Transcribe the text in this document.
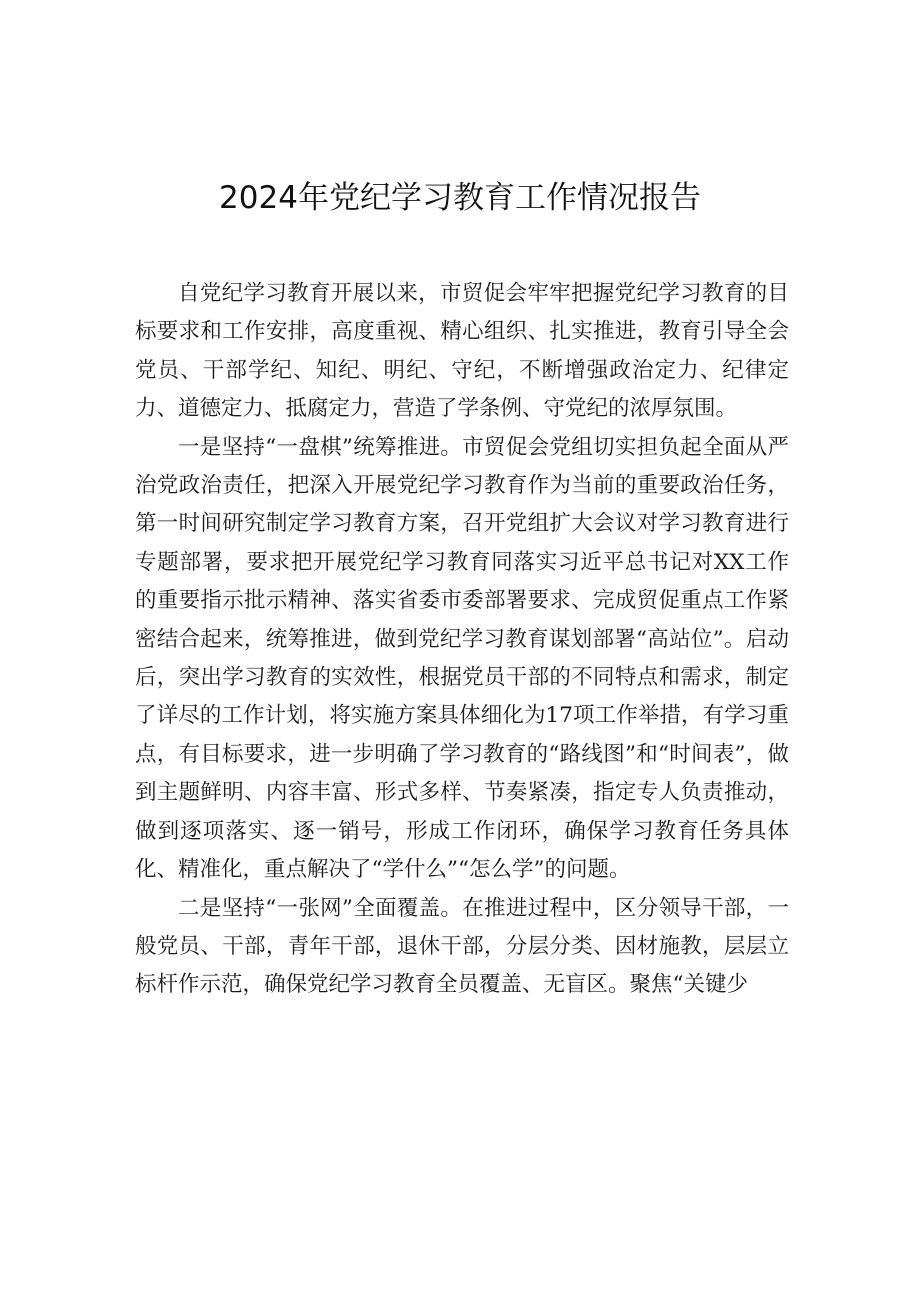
2024年党纪学习教育工作情况报告

自党纪学习教育开展以来，市贸促会牢牢把握党纪学习教育的目标要求和工作安排，高度重视、精心组织、扎实推进，教育引导全会党员、干部学纪、知纪、明纪、守纪，不断增强政治定力、纪律定力、道德定力、抵腐定力，营造了学条例、守党纪的浓厚氛围。

一是坚持“一盘棋”统筹推进。市贸促会党组切实担负起全面从严治党政治责任，把深入开展党纪学习教育作为当前的重要政治任务，第一时间研究制定学习教育方案，召开党组扩大会议对学习教育进行专题部署，要求把开展党纪学习教育同落实习近平总书记对XX工作的重要指示批示精神、落实省委市委部署要求、完成贸促重点工作紧密结合起来，统筹推进，做到党纪学习教育谋划部署“高站位”。启动后，突出学习教育的实效性，根据党员干部的不同特点和需求，制定了详尽的工作计划，将实施方案具体细化为17项工作举措，有学习重点，有目标要求，进一步明确了学习教育的“路线图”和“时间表”，做到主题鲜明、内容丰富、形式多样、节奏紧凑，指定专人负责推动，做到逐项落实、逐一销号，形成工作闭环，确保学习教育任务具体化、精准化，重点解决了“学什么”“怎么学”的问题。

二是坚持“一张网”全面覆盖。在推进过程中，区分领导干部，一般党员、干部，青年干部，退休干部，分层分类、因材施教，层层立标杆作示范，确保党纪学习教育全员覆盖、无盲区。聚焦“关键少
